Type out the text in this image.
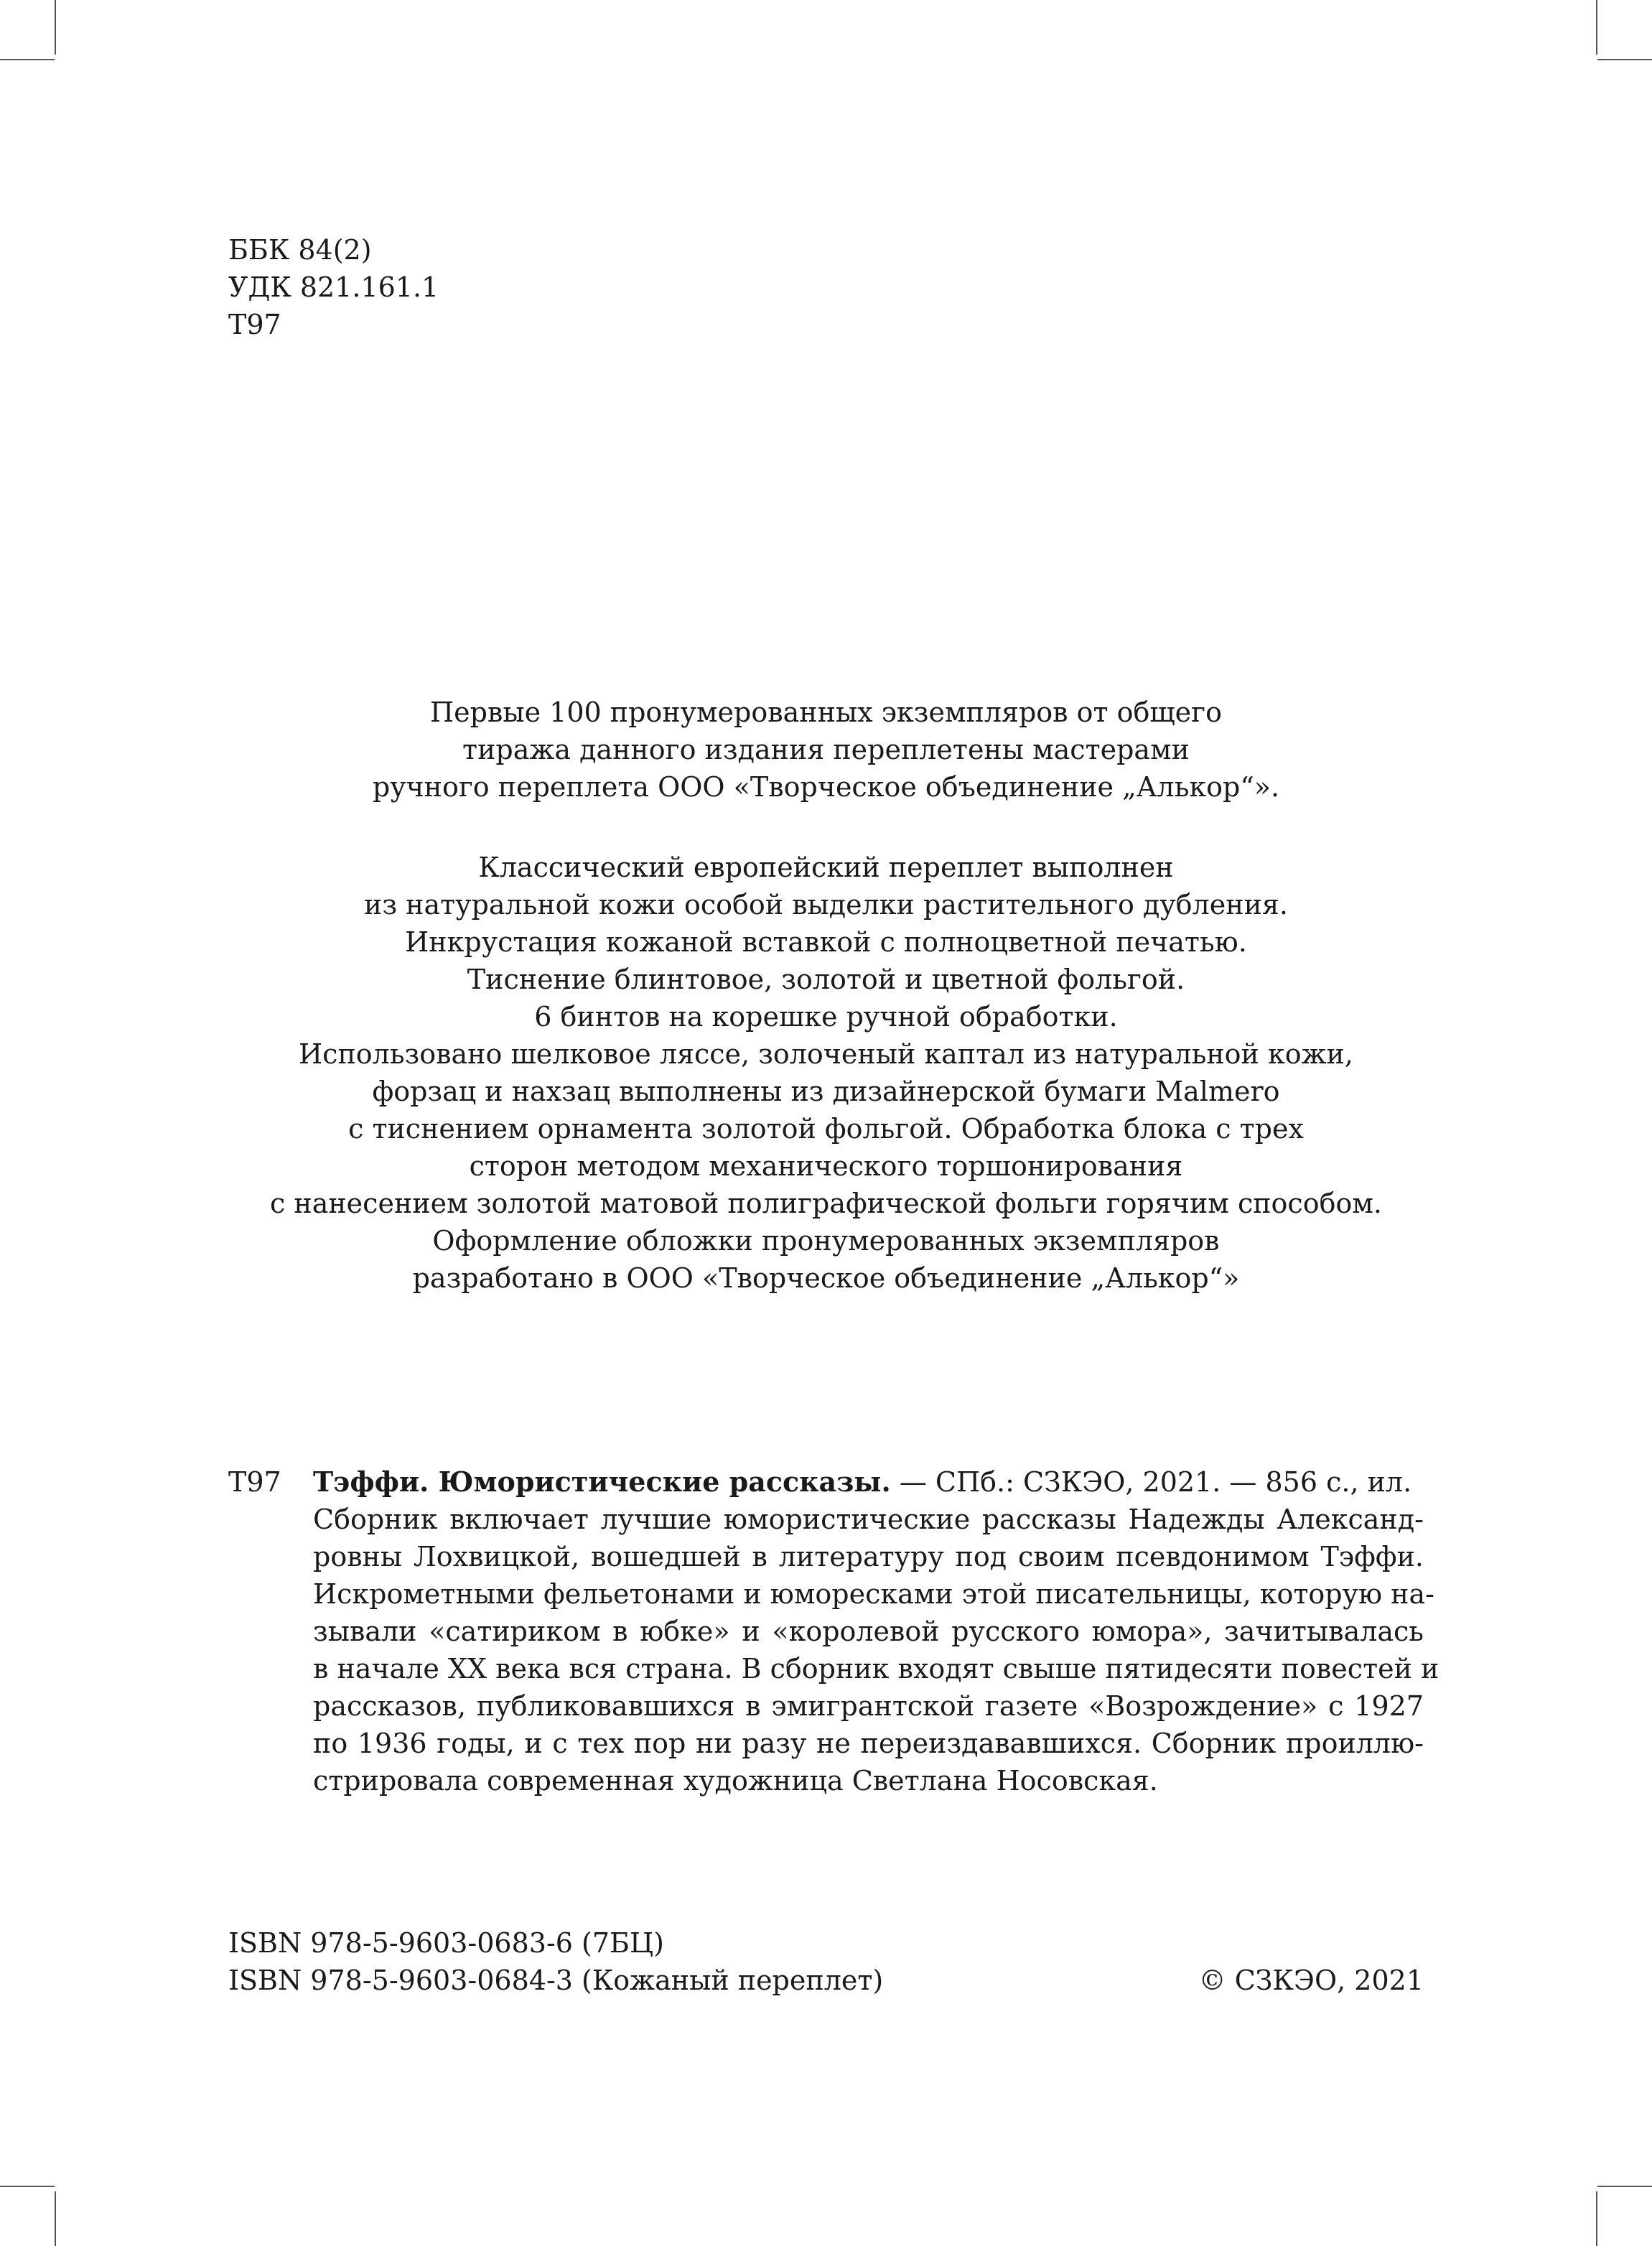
ББК 84(2)
УДК 821.161.1
Т97
Первые 100 пронумерованных экземпляров от общего
тиража данного издания переплетены мастерами
ручного переплета ООО «Творческое объединение „Алькор“».
Классический европейский переплет выполнен
из натуральной кожи особой выделки растительного дубления.
Инкрустация кожаной вставкой с полноцветной печатью.
Тиснение блинтовое, золотой и цветной фольгой.
6 бинтов на корешке ручной обработки.
Использовано шелковое ляссе, золоченый каптал из натуральной кожи,
форзац и нахзац выполнены из дизайнерской бумаги Malmero
с тиснением орнамента золотой фольгой. Обработка блока с трех
сторон методом механического торшонирования
с нанесением золотой матовой полиграфической фольги горячим способом.
Оформление обложки пронумерованных экземпляров
разработано в ООО «Творческое объединение „Алькор“»
Т97 Тэффи. Юмористические рассказы. — СПб.: СЗКЭО, 2021. — 856 с., ил.
Сборник включает лучшие юмористические рассказы Надежды Александ-
ровны Лохвицкой, вошедшей в литературу под своим псевдонимом Тэффи.
Искрометными фельетонами и юморесками этой писательницы, которую на-
зывали «сатириком в юбке» и «королевой русского юмора», зачитывалась
в начале XX века вся страна. В сборник входят свыше пятидесяти повестей и
рассказов, публиковавшихся в эмигрантской газете «Возрождение» с 1927
по 1936 годы, и с тех пор ни разу не переиздававшихся. Сборник проиллю-
стрировала современная художница Светлана Носовская.
ISBN 978-5-9603-0683-6 (7БЦ)
ISBN 978-5-9603-0684-3 (Кожаный переплет)	© СЗКЭО, 2021
